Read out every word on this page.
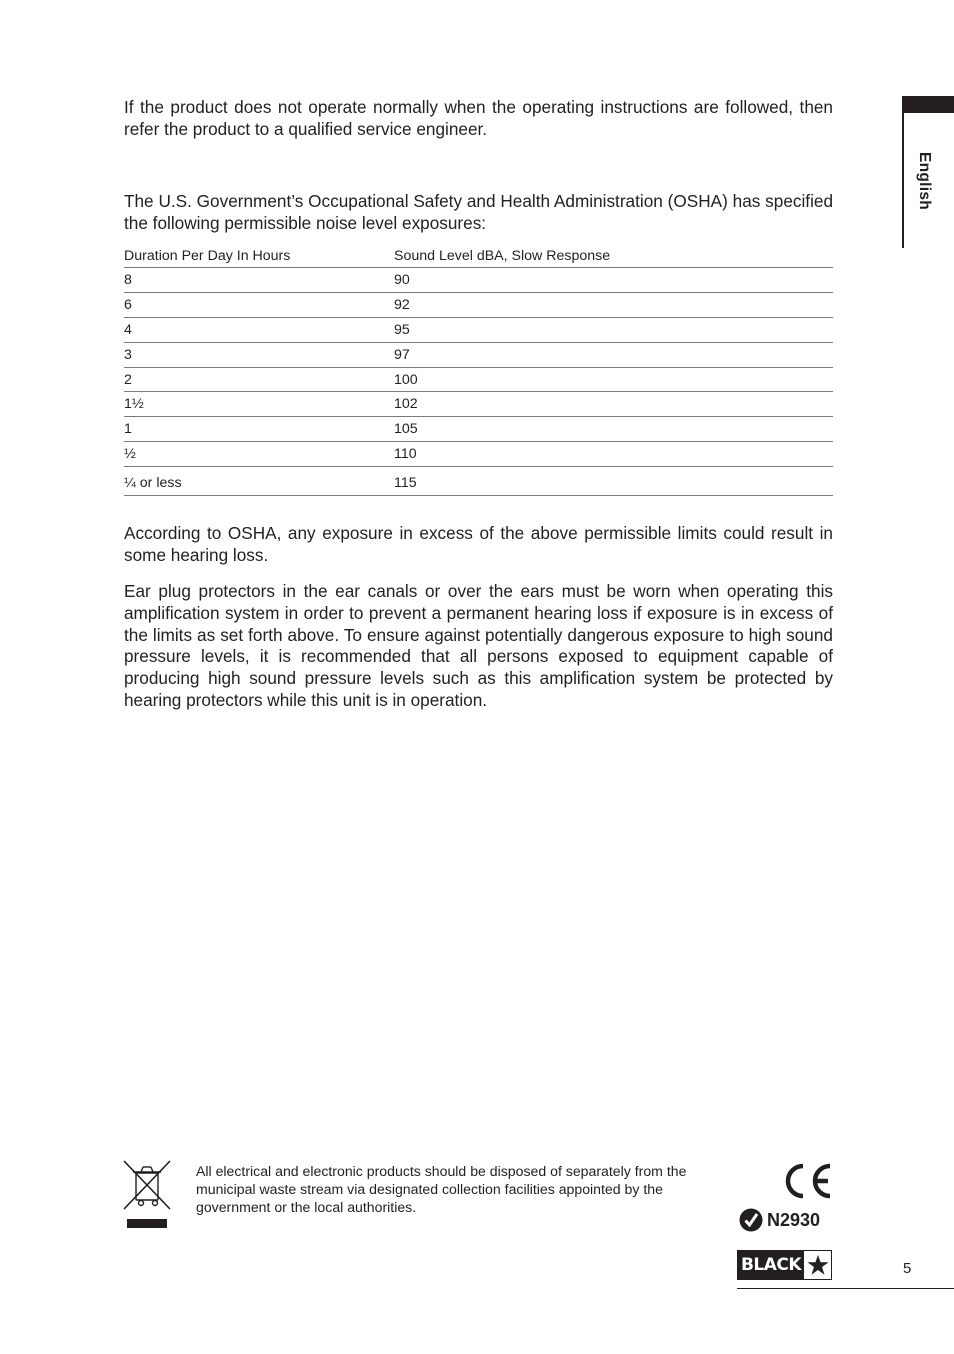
If the product does not operate normally when the operating instructions are followed, then refer the product to a qualified service engineer.

The U.S. Government’s Occupational Safety and Health Administration (OSHA) has specified the following permissible noise level exposures:

Duration Per Day In Hours	Sound Level dBA, Slow Response
8	90
6	92
4	95
3	97
2	100
1½	102
1	105
½	110
¼ or less	115

According to OSHA, any exposure in excess of the above permissible limits could result in some hearing loss.

Ear plug protectors in the ear canals or over the ears must be worn when operating this amplification system in order to prevent a permanent hearing loss if exposure is in excess of the limits as set forth above. To ensure against potentially dangerous exposure to high sound pressure levels, it is recommended that all persons exposed to equipment capable of producing high sound pressure levels such as this amplification system be protected by hearing protectors while this unit is in operation.

English

All electrical and electronic products should be disposed of separately from the municipal waste stream via designated collection facilities appointed by the government or the local authorities.

N2930
BLACK	5
